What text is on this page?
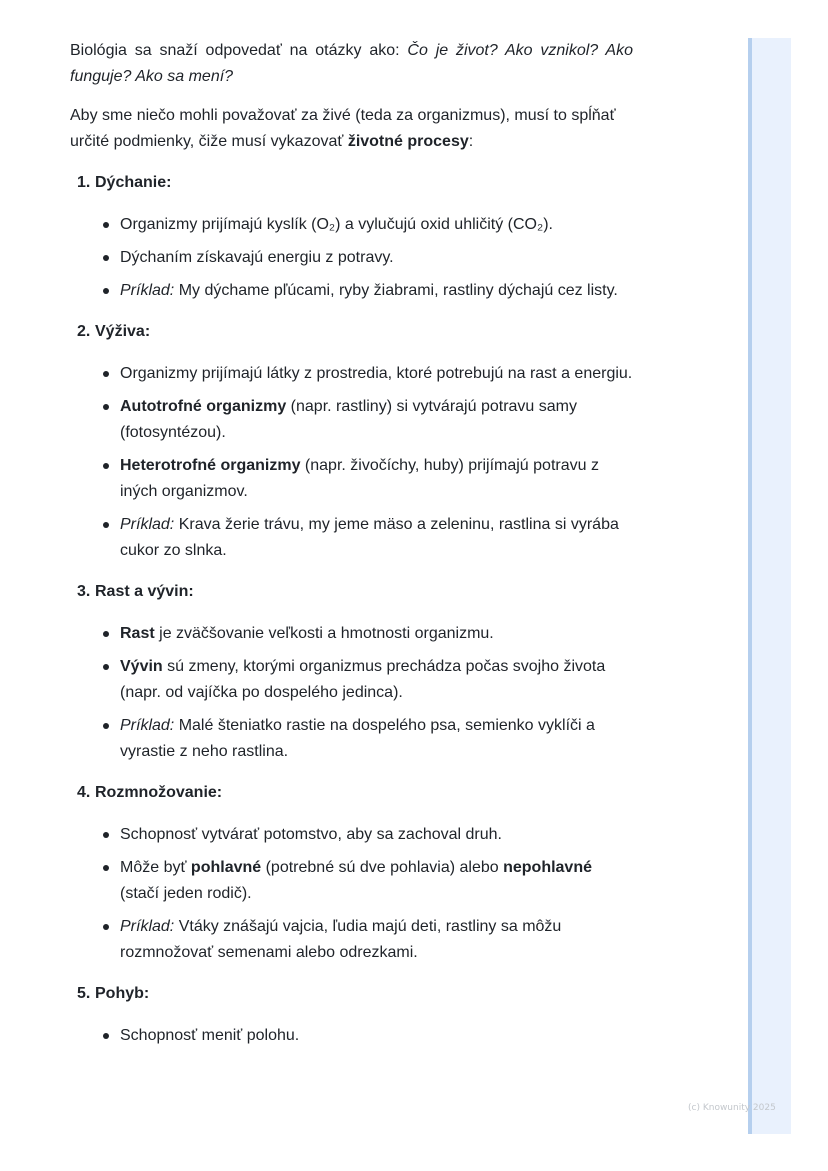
Biológia sa snaží odpovedať na otázky ako: Čo je život? Ako vznikol? Ako funguje? Ako sa mení?

Aby sme niečo mohli považovať za živé (teda za organizmus), musí to spĺňať určité podmienky, čiže musí vykazovať životné procesy:

1. Dýchanie:
Organizmy prijímajú kyslík (O₂) a vylučujú oxid uhličitý (CO₂).
Dýchaním získavajú energiu z potravy.
Príklad: My dýchame pľúcami, ryby žiabrami, rastliny dýchajú cez listy.
2. Výživa:
Organizmy prijímajú látky z prostredia, ktoré potrebujú na rast a energiu.
Autotrofné organizmy (napr. rastliny) si vytvárajú potravu samy (fotosyntézou).
Heterotrofné organizmy (napr. živočíchy, huby) prijímajú potravu z iných organizmov.
Príklad: Krava žerie trávu, my jeme mäso a zeleninu, rastlina si vyrába cukor zo slnka.
3. Rast a vývin:
Rast je zväčšovanie veľkosti a hmotnosti organizmu.
Vývin sú zmeny, ktorými organizmus prechádza počas svojho života (napr. od vajíčka po dospelého jedinca).
Príklad: Malé šteniatko rastie na dospelého psa, semienko vyklíči a vyrastie z neho rastlina.
4. Rozmnožovanie:
Schopnosť vytvárať potomstvo, aby sa zachoval druh.
Môže byť pohlavné (potrebné sú dve pohlavia) alebo nepohlavné (stačí jeden rodič).
Príklad: Vtáky znášajú vajcia, ľudia majú deti, rastliny sa môžu rozmnožovať semenami alebo odrezkami.
5. Pohyb:
Schopnosť meniť polohu.
(c) Knowunity 2025
